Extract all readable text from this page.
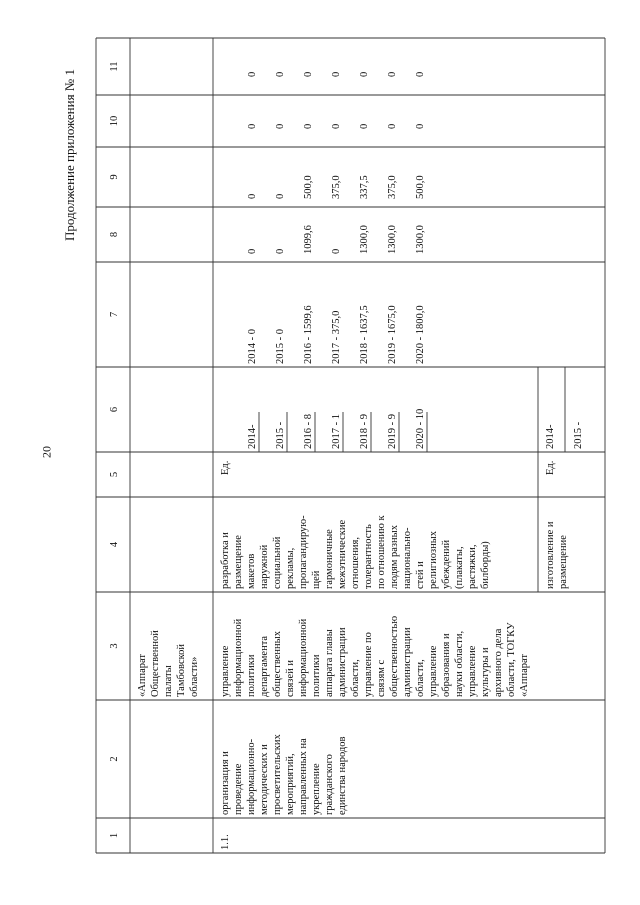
20
Продолжение приложения № 1
1
2
3
4
5
6
7
8
9
10
11
«Аппарат Общественной палаты Тамбовской области»
1.1.
организация и проведение информационно- методических и просветительских мероприятий, направленных на укрепление гражданского единства народов
управление информационной политики департамента общественных связей и информационной политики аппарата главы администрации области, управление по связям с общественностью администрации области, управление образования и науки области, управление культуры и архивного дела области, ТОГКУ «Аппарат
разработка и размещение макетов наружной социальной рекламы, пропагандирую- щей гармоничные межэтнические отношения, толерантность по отношению к людям разных национально- стей и религиозных убеждений (плакаты, растяжки, билборды)	изготовление и размещение
Ед.	Ед.
2014-
2014 - 0
0
0
0
0
2015 -
2015 - 0
0
0
0
0
2016 - 8
2016 - 1599,6
1099,6
500,0
0
0
2017 - 1
2017 - 375,0
0
375,0
0
0
2018 - 9
2018 - 1637,5
1300,0
337,5
0
0
2019 - 9
2019 - 1675,0
1300,0
375,0
0
0
2020 - 10
2020 - 1800,0
1300,0
500,0
0
0
2014- 2015 -
